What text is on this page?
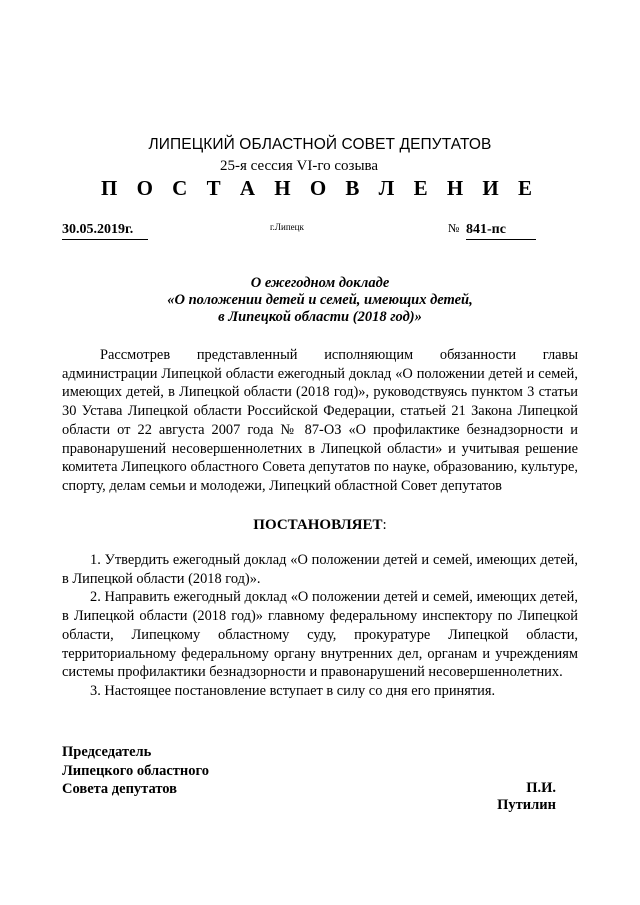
ЛИПЕЦКИЙ ОБЛАСТНОЙ СОВЕТ ДЕПУТАТОВ
25-я сессия VI-го созыва
П О С Т А Н О В Л Е Н И Е
30.05.2019г.	г.Липецк	№ 841-пс
О ежегодном докладе
«О положении детей и семей, имеющих детей,
в Липецкой области (2018 год)»
Рассмотрев представленный исполняющим обязанности главы администрации Липецкой области ежегодный доклад «О положении детей и семей, имеющих детей, в Липецкой области (2018 год)», руководствуясь пунктом 3 статьи 30 Устава Липецкой области Российской Федерации, статьей 21 Закона Липецкой области от 22 августа 2007 года № 87-ОЗ «О профилактике безнадзорности и правонарушений несовершеннолетних в Липецкой области» и учитывая решение комитета Липецкого областного Совета депутатов по науке, образованию, культуре, спорту, делам семьи и молодежи, Липецкий областной Совет депутатов
ПОСТАНОВЛЯЕТ:

1. Утвердить ежегодный доклад «О положении детей и семей, имеющих детей, в Липецкой области (2018 год)».

2. Направить ежегодный доклад «О положении детей и семей, имеющих детей, в Липецкой области (2018 год)» главному федеральному инспектору по Липецкой области, Липецкому областному суду, прокуратуре Липецкой области, территориальному федеральному органу внутренних дел, органам и учреждениям системы профилактики безнадзорности и правонарушений несовершеннолетних.

3. Настоящее постановление вступает в силу со дня его принятия.

Председатель
Липецкого областного
Совета депутатов	П.И. Путилин
